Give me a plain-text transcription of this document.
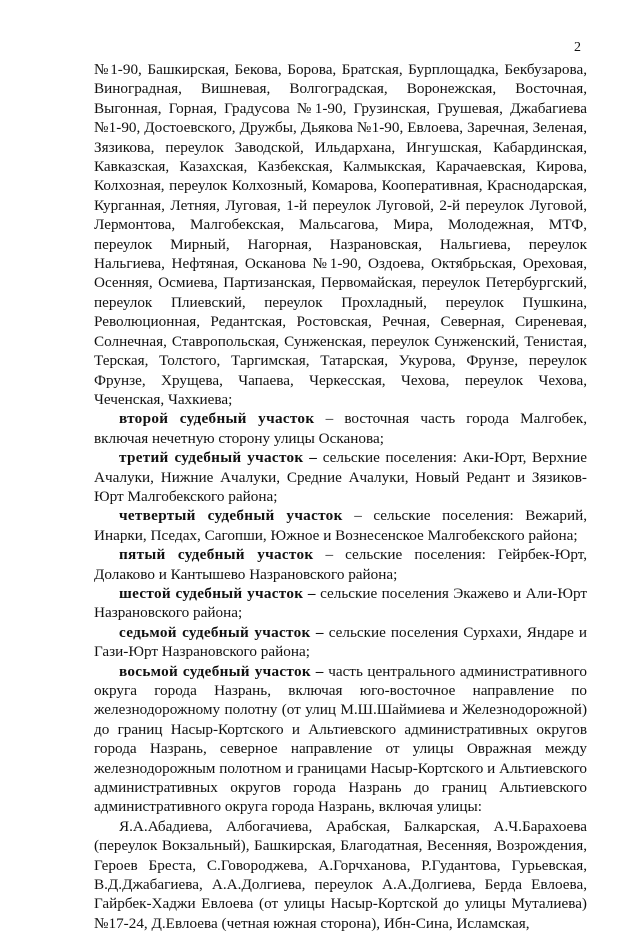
2

№1-90, Башкирская, Бекова, Борова, Братская, Бурплощадка, Бекбузарова, Виноградная, Вишневая, Волгоградская, Воронежская, Восточная, Выгонная, Горная, Градусова №1-90, Грузинская, Грушевая, Джабагиева №1-90, Достоевского, Дружбы, Дьякова №1-90, Евлоева, Заречная, Зеленая, Зязикова, переулок Заводской, Ильдархана, Ингушская, Кабардинская, Кавказская, Казахская, Казбекская, Калмыкская, Карачаевская, Кирова, Колхозная, переулок Колхозный, Комарова, Кооперативная, Краснодарская, Курганная, Летняя, Луговая, 1-й переулок Луговой, 2-й переулок Луговой, Лермонтова, Малгобекская, Мальсагова, Мира, Молодежная, МТФ, переулок Мирный, Нагорная, Назрановская, Нальгиева, переулок Нальгиева, Нефтяная, Осканова №1-90, Оздоева, Октябрьская, Ореховая, Осенняя, Осмиева, Партизанская, Первомайская, переулок Петербургский, переулок Плиевский, переулок Прохладный, переулок Пушкина, Революционная, Редантская, Ростовская, Речная, Северная, Сиреневая, Солнечная, Ставропольская, Сунженская, переулок Сунженский, Тенистая, Терская, Толстого, Таргимская, Татарская, Укурова, Фрунзе, переулок Фрунзе, Хрущева, Чапаева, Черкесская, Чехова, переулок Чехова, Чеченская, Чахкиева;

второй судебный участок – восточная часть города Малгобек, включая нечетную сторону улицы Осканова;

третий судебный участок – сельские поселения: Аки-Юрт, Верхние Ачалуки, Нижние Ачалуки, Средние Ачалуки, Новый Редант и Зязиков-Юрт Малгобекского района;

четвертый судебный участок – сельские поселения: Вежарий, Инарки, Пседах, Сагопши, Южное и Вознесенское Малгобекского района;

пятый судебный участок – сельские поселения: Гейрбек-Юрт, Долаково и Кантышево Назрановского района;

шестой судебный участок – сельские поселения Экажево и Али-Юрт Назрановского района;

седьмой судебный участок – сельские поселения Сурхахи, Яндаре и Гази-Юрт Назрановского района;

восьмой судебный участок – часть центрального административного округа города Назрань, включая юго-восточное направление по железнодорожному полотну (от улиц М.Ш.Шаймиева и Железнодорожной) до границ Насыр-Кортского и Альтиевского административных округов города Назрань, северное направление от улицы Овражная между железнодорожным полотном и границами Насыр-Кортского и Альтиевского административных округов города Назрань до границ Альтиевского административного округа города Назрань, включая улицы:

Я.А.Абадиева, Албогачиева, Арабская, Балкарская, А.Ч.Барахоева (переулок Вокзальный), Башкирская, Благодатная, Весенняя, Возрождения, Героев Бреста, С.Говороджева, А.Горчханова, Р.Гудантова, Гурьевская, В.Д.Джабагиева, А.А.Долгиева, переулок А.А.Долгиева, Берда Евлоева, Гайрбек-Хаджи Евлоева (от улицы Насыр-Кортской до улицы Муталиева) №17-24, Д.Евлоева (четная южная сторона), Ибн-Сина, Исламская,
